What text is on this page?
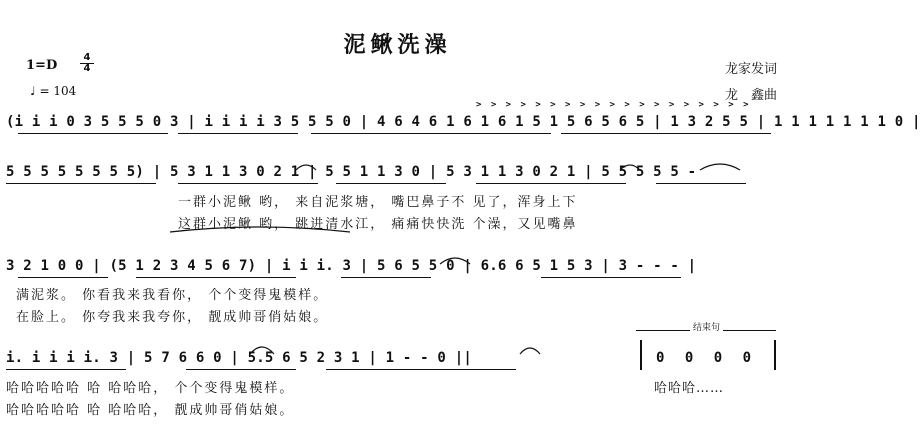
泥鳅洗澡
1=D
4
4
♩ = 104
龙家发词
龙　鑫曲
> > > > > > > > > > > > > > > > > > >
(i i i 0 3 5 5 5 0 3 | i i i i 3 5 5 5 0 | 4 6 4 6 1 6 1 6 1 5 1 5 6 5 6 5 | 1 3 2 5 5 | 1 1 1 1 1 1 1 0 |
5 5 5 5 5 5 5 5) | 5 3 1 1 3 0 2 1 | 5 5 1 1 3 0 | 5 3 1 1 3 0 2 1 | 5 5 5 5 5 -
一群小泥鳅 哟， 来自泥浆塘， 嘴巴鼻子不 见了，浑身上下
这群小泥鳅 哟， 跳进清水江， 痛痛快快洗 个澡，又见嘴鼻
3 2 1 0 0 | (5 1 2 3 4 5 6 7) | i i i. 3 | 5 6 5 5 0 | 6.6 6 5 1 5 3 | 3 - - - |
满泥浆。 你看我来我看你， 个个变得鬼模样。
在脸上。 你夸我来我夸你， 靓成帅哥俏姑娘。
i. i i i i. 3 | 5 7 6 6 0 | 5.5 6 5 2 3 1 | 1 - - 0 ||	0 0 0 0
哈哈哈哈哈 哈 哈哈哈， 个个变得鬼模样。
哈哈哈哈哈 哈 哈哈哈， 靓成帅哥俏姑娘。
哈哈哈……
结束句
